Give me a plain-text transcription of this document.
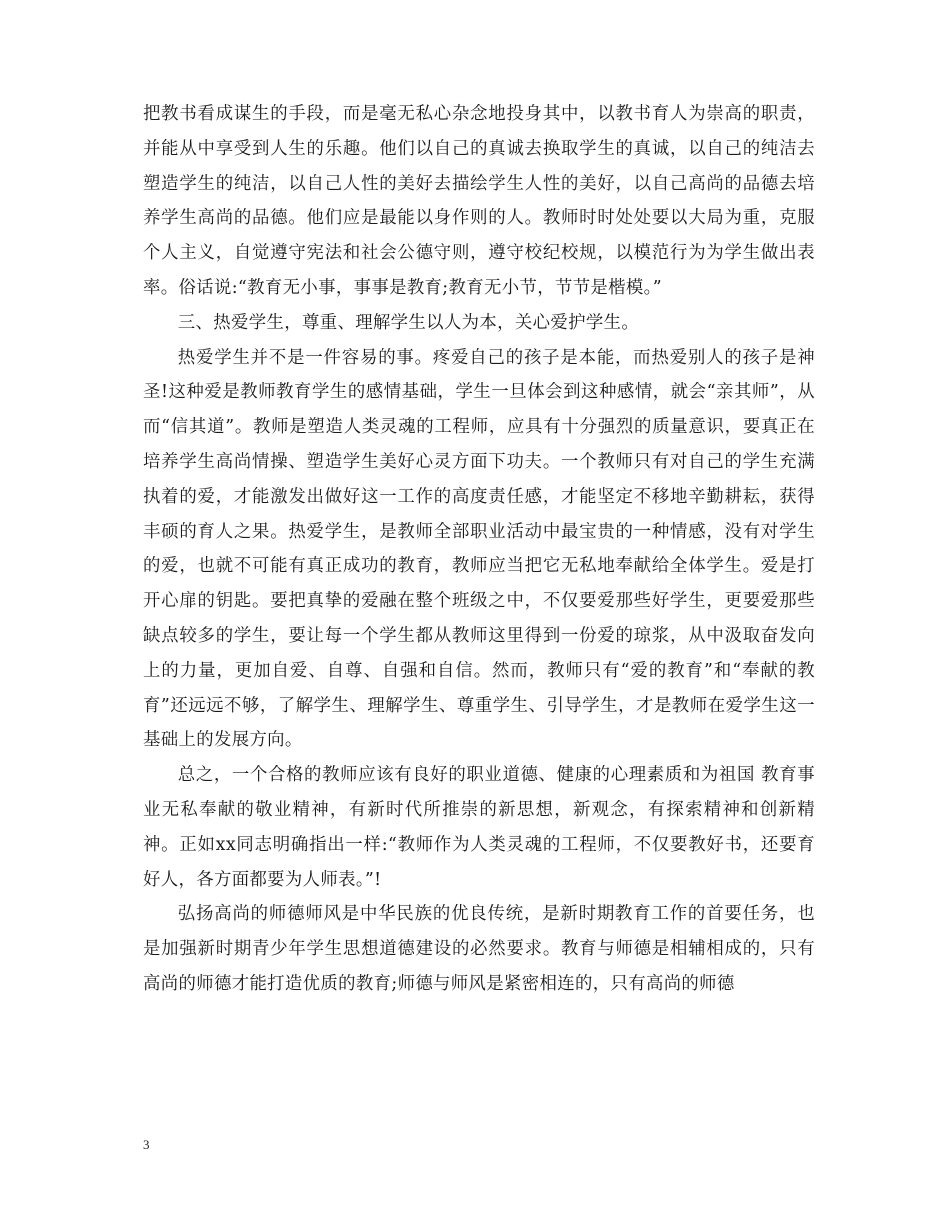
把教书看成谋生的手段，而是毫无私心杂念地投身其中，以教书育人为崇高的职责，并能从中享受到人生的乐趣。他们以自己的真诚去换取学生的真诚，以自己的纯洁去塑造学生的纯洁，以自己人性的美好去描绘学生人性的美好，以自己高尚的品德去培养学生高尚的品德。他们应是最能以身作则的人。教师时时处处要以大局为重，克服个人主义，自觉遵守宪法和社会公德守则，遵守校纪校规，以模范行为为学生做出表率。俗话说:“教育无小事，事事是教育;教育无小节，节节是楷模。”

三、热爱学生，尊重、理解学生以人为本，关心爱护学生。

热爱学生并不是一件容易的事。疼爱自己的孩子是本能，而热爱别人的孩子是神圣!这种爱是教师教育学生的感情基础，学生一旦体会到这种感情，就会“亲其师”，从而“信其道”。教师是塑造人类灵魂的工程师，应具有十分强烈的质量意识，要真正在培养学生高尚情操、塑造学生美好心灵方面下功夫。一个教师只有对自己的学生充满执着的爱，才能激发出做好这一工作的高度责任感，才能坚定不移地辛勤耕耘，获得丰硕的育人之果。热爱学生，是教师全部职业活动中最宝贵的一种情感，没有对学生的爱，也就不可能有真正成功的教育，教师应当把它无私地奉献给全体学生。爱是打开心扉的钥匙。要把真挚的爱融在整个班级之中，不仅要爱那些好学生，更要爱那些缺点较多的学生，要让每一个学生都从教师这里得到一份爱的琼浆，从中汲取奋发向上的力量，更加自爱、自尊、自强和自信。然而，教师只有“爱的教育”和“奉献的教育”还远远不够，了解学生、理解学生、尊重学生、引导学生，才是教师在爱学生这一基础上的发展方向。

总之，一个合格的教师应该有良好的职业道德、健康的心理素质和为祖国 教育事业无私奉献的敬业精神，有新时代所推崇的新思想，新观念，有探索精神和创新精神。正如xx同志明确指出一样:“教师作为人类灵魂的工程师，不仅要教好书，还要育好人，各方面都要为人师表。”!

弘扬高尚的师德师风是中华民族的优良传统，是新时期教育工作的首要任务，也是加强新时期青少年学生思想道德建设的必然要求。教育与师德是相辅相成的，只有高尚的师德才能打造优质的教育;师德与师风是紧密相连的，只有高尚的师德

3
